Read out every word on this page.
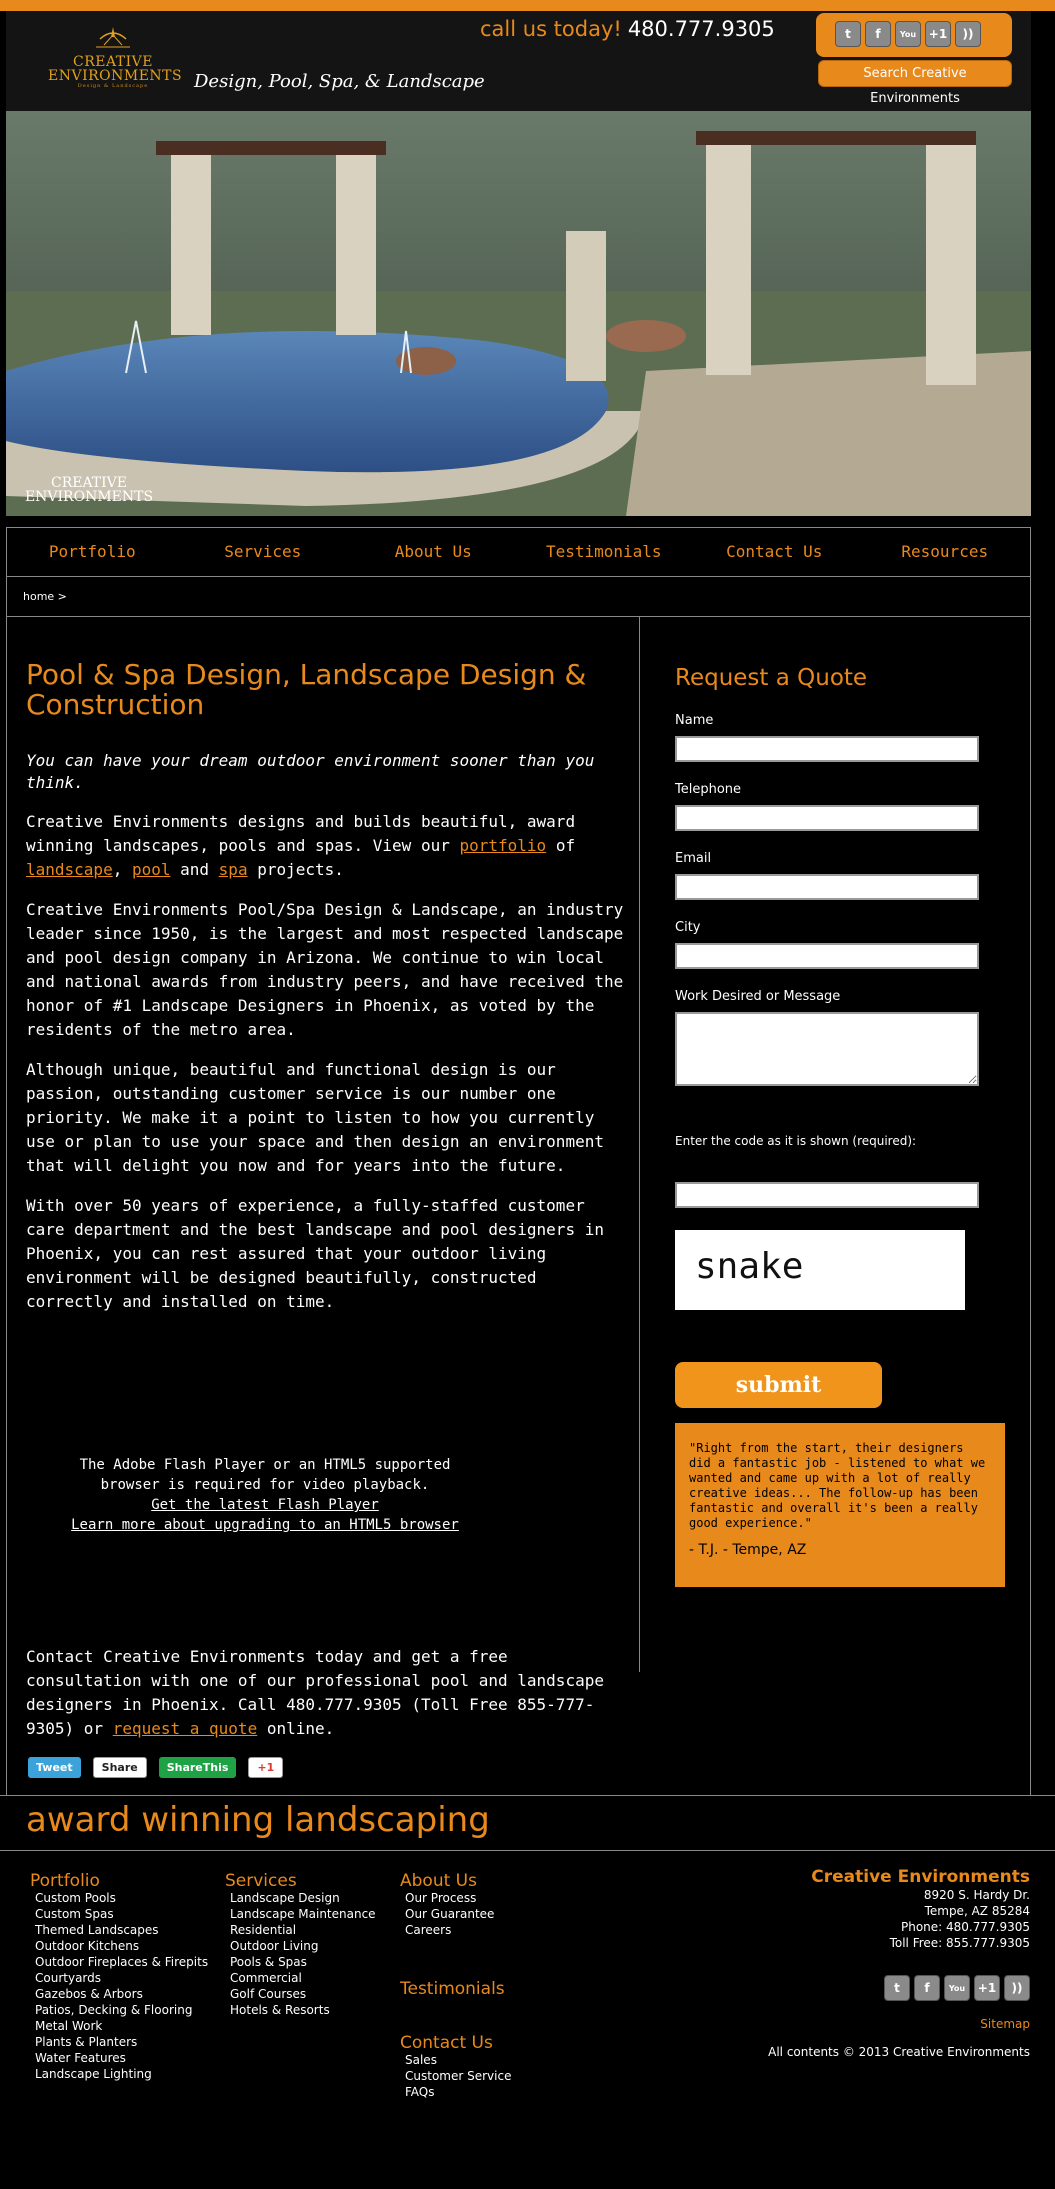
CREATIVE
ENVIRONMENTS
Design & Landscape	Design, Pool, Spa, & Landscape
call us today! 480.777.9305	t f You +1 ))
Search Creative Environments
CREATIVE
ENVIRONMENTS
Portfolio	Services	About Us	Testimonials	Contact Us	Resources
home >
Pool & Spa Design, Landscape Design & Construction

You can have your dream outdoor environment sooner than you think.

Creative Environments designs and builds beautiful, award winning landscapes, pools and spas. View our portfolio of landscape, pool and spa projects.

Creative Environments Pool/Spa Design & Landscape, an industry leader since 1950, is the largest and most respected landscape and pool design company in Arizona. We continue to win local and national awards from industry peers, and have received the honor of #1 Landscape Designers in Phoenix, as voted by the residents of the metro area.

Although unique, beautiful and functional design is our passion, outstanding customer service is our number one priority. We make it a point to listen to how you currently use or plan to use your space and then design an environment that will delight you now and for years into the future.

With over 50 years of experience, a fully-staffed customer care department and the best landscape and pool designers in Phoenix, you can rest assured that your outdoor living environment will be designed beautifully, constructed correctly and installed on time.

The Adobe Flash Player or an HTML5 supported
browser is required for video playback.
Get the latest Flash Player
Learn more about upgrading to an HTML5 browser
Contact Creative Environments today and get a free consultation with one of our professional pool and landscape designers in Phoenix. Call 480.777.9305 (Toll Free 855-777-9305) or request a quote online.
Tweet	Share	ShareThis	+1
Request a Quote
Name
Telephone
Email
City
Work Desired or Message
Enter the code as it is shown (required):
snake
submit
"Right from the start, their designers did a fantastic job - listened to what we wanted and came up with a lot of really creative ideas... The follow-up has been fantastic and overall it's been a really good experience."
- T.J. - Tempe, AZ
award winning landscaping
Portfolio
Custom Pools
Custom Spas
Themed Landscapes
Outdoor Kitchens
Outdoor Fireplaces & Firepits
Courtyards
Gazebos & Arbors
Patios, Decking & Flooring
Metal Work
Plants & Planters
Water Features
Landscape Lighting
Services
Landscape Design
Landscape Maintenance
Residential
Outdoor Living
Pools & Spas
Commercial
Golf Courses
Hotels & Resorts
About Us
Our Process
Our Guarantee
Careers
Testimonials
Contact Us
Sales
Customer Service
FAQs
Creative Environments
8920 S. Hardy Dr.
Tempe, AZ 85284
Phone: 480.777.9305
Toll Free: 855.777.9305
t f You +1 ))
Sitemap
All contents © 2013 Creative Environments
